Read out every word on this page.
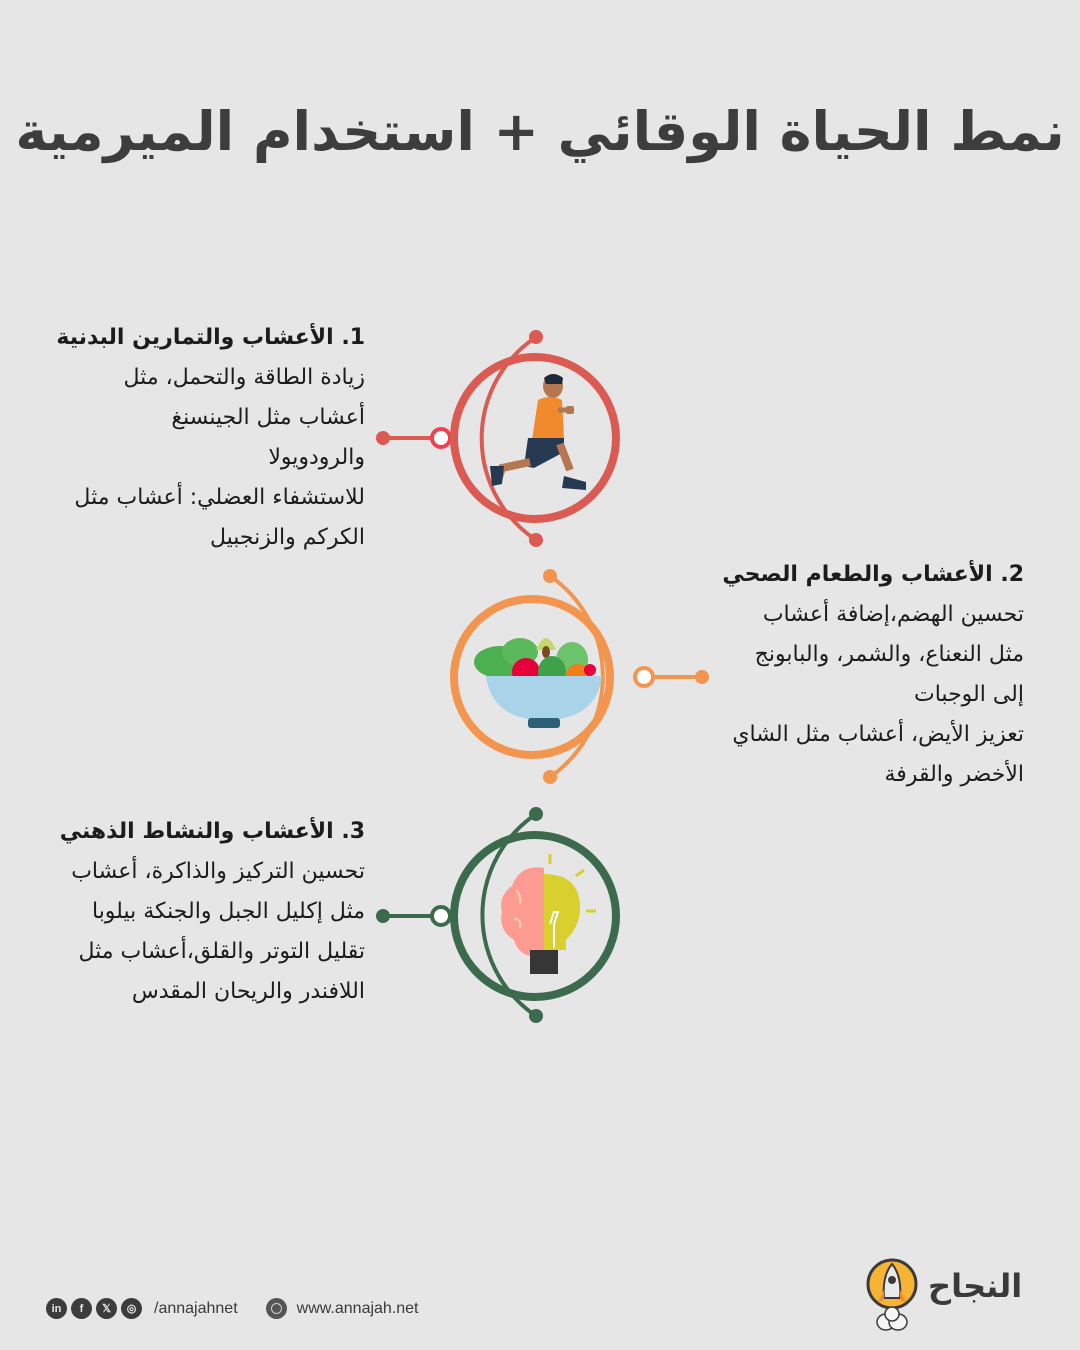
نمط الحياة الوقائي + استخدام الميرمية
1. الأعشاب والتمارين البدنية
زيادة الطاقة والتحمل، مثل
أعشاب مثل الجينسنغ
والرودويولا
للاستشفاء العضلي: أعشاب مثل
الكركم والزنجبيل
2. الأعشاب والطعام الصحي
تحسين الهضم،إضافة أعشاب
مثل النعناع، والشمر، والبابونج
إلى الوجبات
تعزيز الأيض، أعشاب مثل الشاي
الأخضر والقرفة
3. الأعشاب والنشاط الذهني
تحسين التركيز والذاكرة، أعشاب
مثل إكليل الجبل والجنكة بيلوبا
تقليل التوتر والقلق،أعشاب مثل
اللافندر والريحان المقدس
in	f	𝕏	◎	/annajahnet	www.annajah.net
النجاح
